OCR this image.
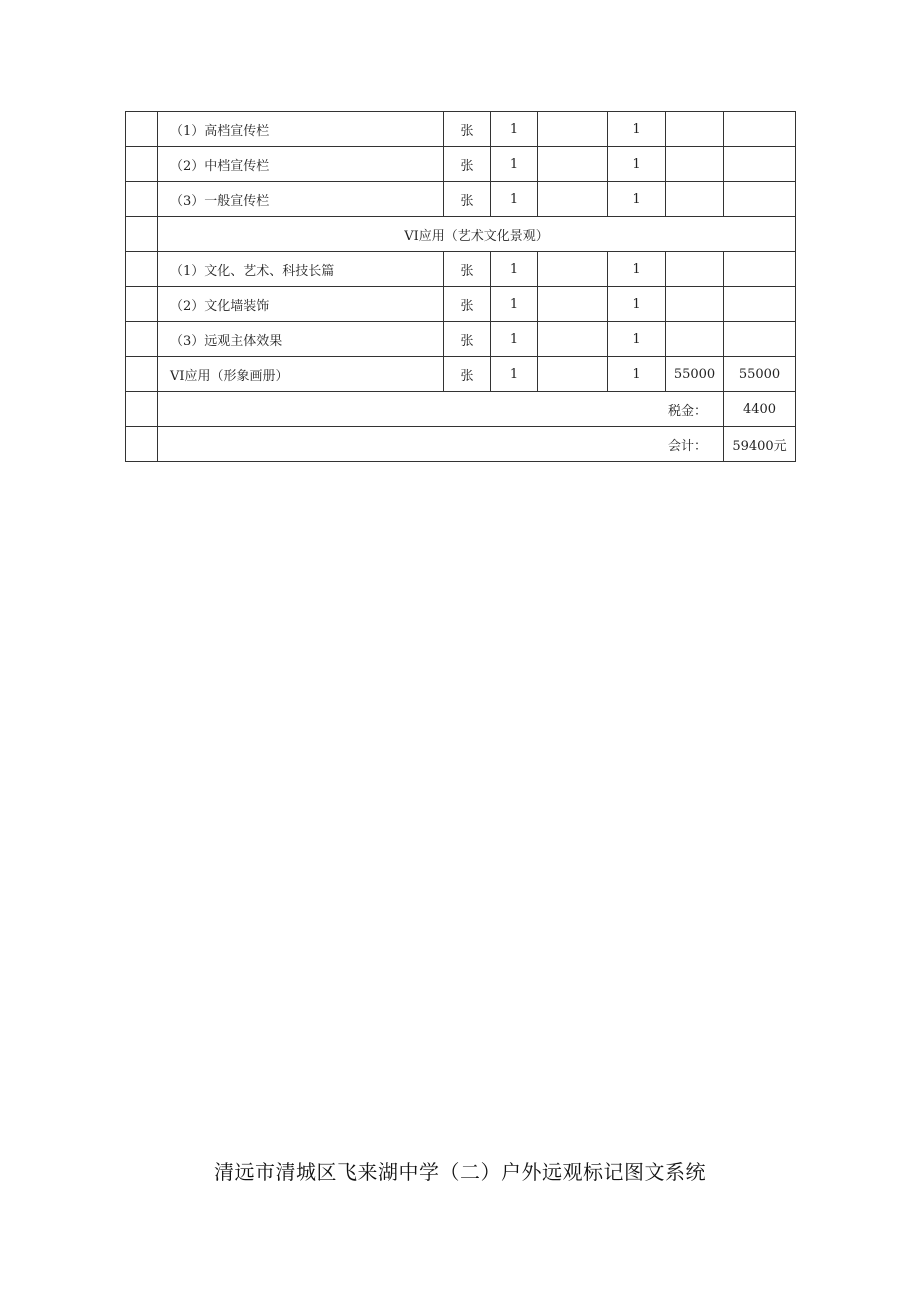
	（1）高档宣传栏	张	1		1		
	（2）中档宣传栏	张	1		1		
	（3）一般宣传栏	张	1		1		
	VI应用（艺术文化景观）						
	（1）文化、艺术、科技长篇	张	1		1		
	（2）文化墙装饰	张	1		1		
	（3）远观主体效果	张	1		1		
	VI应用（形象画册）	张	1		1	55000	55000
	税金：						4400
	会计：						59400元
清远市清城区飞来湖中学（二）户外远观标记图文系统
